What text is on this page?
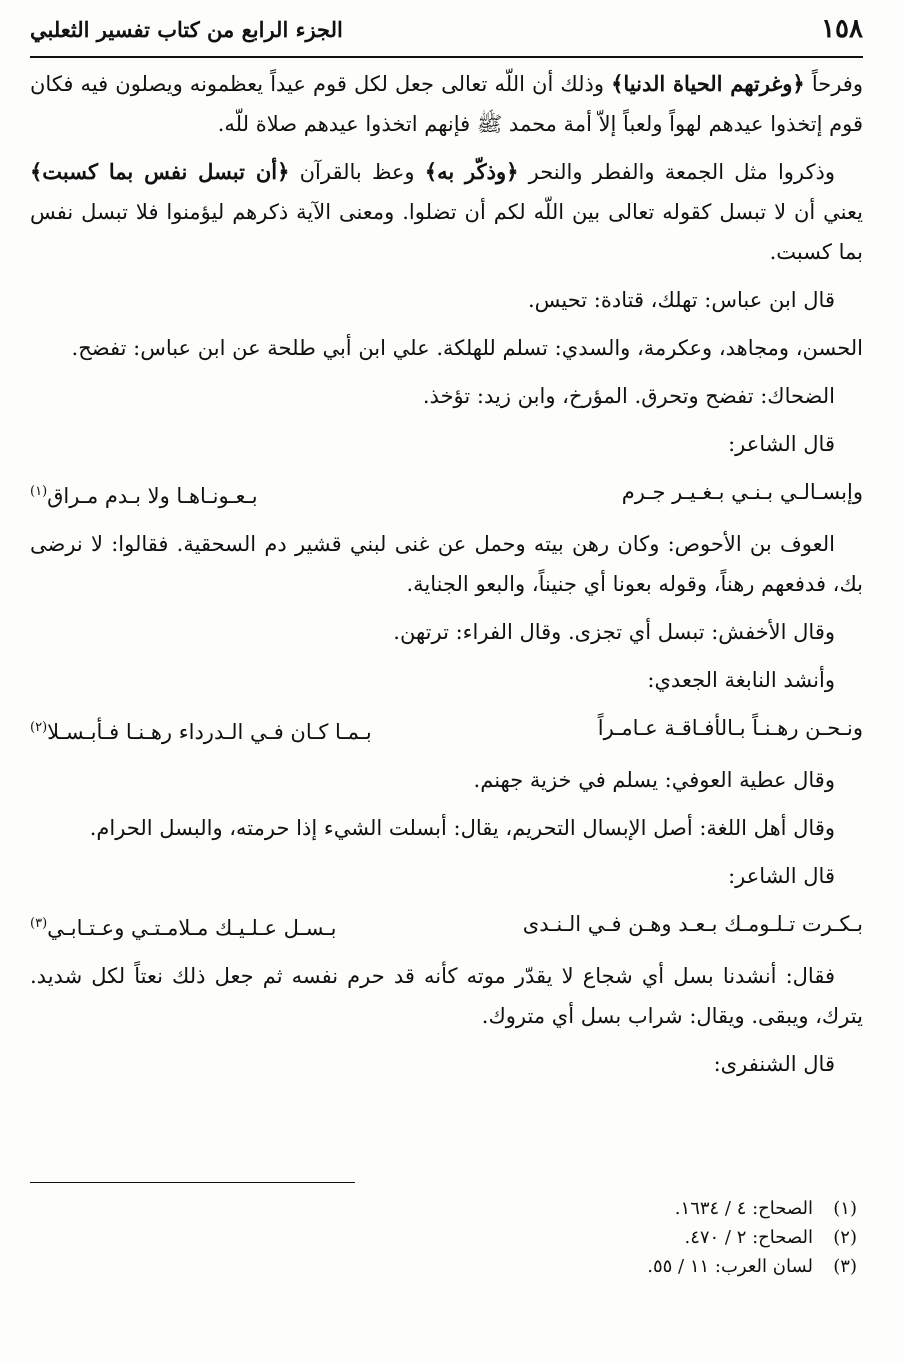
١٥٨
الجزء الرابع من كتاب تفسير الثعلبي

وفرحاً ﴿وغرتهم الحياة الدنيا﴾ وذلك أن اللّه تعالى جعل لكل قوم عيداً يعظمونه ويصلون فيه فكان قوم إتخذوا عيدهم لهواً ولعباً إلاّ أمة محمد ﷺ فإنهم اتخذوا عيدهم صلاة للّه.

وذكروا مثل الجمعة والفطر والنحر ﴿وذكّر به﴾ وعظ بالقرآن ﴿أن تبسل نفس بما كسبت﴾ يعني أن لا تبسل كقوله تعالى بين اللّه لكم أن تضلوا. ومعنى الآية ذكرهم ليؤمنوا فلا تبسل نفس بما كسبت.

قال ابن عباس: تهلك، قتادة: تحيس.

الحسن، ومجاهد، وعكرمة، والسدي: تسلم للهلكة. علي ابن أبي طلحة عن ابن عباس: تفضح.

الضحاك: تفضح وتحرق. المؤرخ، وابن زيد: تؤخذ.

قال الشاعر:

وإبسـالـي بـنـي بـغـيـر جـرم
بـعـونـاهـا ولا بـدم مـراق$^{(١)}$

العوف بن الأحوص: وكان رهن بيته وحمل عن غنى لبني قشير دم السحقية. فقالوا: لا نرضى بك، فدفعهم رهناً، وقوله بعونا أي جنيناً، والبعو الجناية.

وقال الأخفش: تبسل أي تجزى. وقال الفراء: ترتهن.

وأنشد النابغة الجعدي:

ونـحـن رهـنـاً بـالأفـاقـة عـامـراً
بـمـا كـان فـي الـدرداء رهـنـا فـأبـسـلا$^{(٢)}$

وقال عطية العوفي: يسلم في خزية جهنم.

وقال أهل اللغة: أصل الإبسال التحريم، يقال: أبسلت الشيء إذا حرمته، والبسل الحرام.

قال الشاعر:

بـكـرت تـلـومـك بـعـد وهـن فـي الـنـدى
بـسـل عـلـيـك مـلامـتـي وعـتـابـي$^{(٣)}$

فقال: أنشدنا بسل أي شجاع لا يقدّر موته كأنه قد حرم نفسه ثم جعل ذلك نعتاً لكل شديد. يترك، ويبقى. ويقال: شراب بسل أي متروك.

قال الشنفرى:

(١)الصحاح: ٤ / ١٦٣٤.
(٢)الصحاح: ٢ / ٤٧٠.
(٣)لسان العرب: ١١ / ٥٥.
